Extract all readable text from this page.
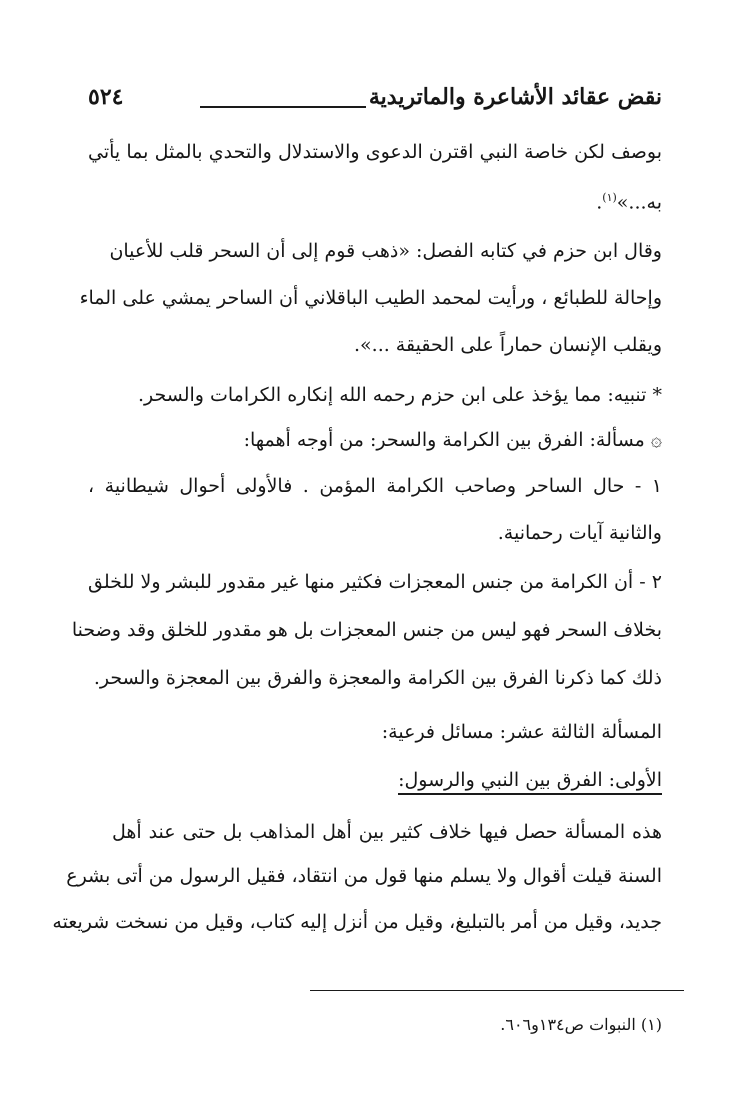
نقض عقائد الأشاعرة والماتريدية
٥٢٤
بوصف لكن خاصة النبي اقترن الدعوى والاستدلال والتحدي بالمثل بما يأتي
به...»$^{(١)}$.
وقال ابن حزم في كتابه الفصل: «ذهب قوم إلى أن السحر قلب للأعيان
وإحالة للطبائع ، ورأيت لمحمد الطيب الباقلاني أن الساحر يمشي على الماء
ويقلب الإنسان حماراً على الحقيقة ...».
* تنبيه: مما يؤخذ على ابن حزم رحمه الله إنكاره الكرامات والسحر.
۞ مسألة: الفرق بين الكرامة والسحر: من أوجه أهمها:
١ - حال الساحر وصاحب الكرامة المؤمن . فالأولى أحوال شيطانية ،
والثانية آيات رحمانية.
٢ - أن الكرامة من جنس المعجزات فكثير منها غير مقدور للبشر ولا للخلق
بخلاف السحر فهو ليس من جنس المعجزات بل هو مقدور للخلق وقد وضحنا
ذلك كما ذكرنا الفرق بين الكرامة والمعجزة والفرق بين المعجزة والسحر.
المسألة الثالثة عشر: مسائل فرعية:
الأولى: الفرق بين النبي والرسول:
هذه المسألة حصل فيها خلاف كثير بين أهل المذاهب بل حتى عند أهل
السنة قيلت أقوال ولا يسلم منها قول من انتقاد، فقيل الرسول من أتى بشرع
جديد، وقيل من أمر بالتبليغ، وقيل من أنزل إليه كتاب، وقيل من نسخت شريعته
(١) النبوات ص١٣٤و٦٠٦.
